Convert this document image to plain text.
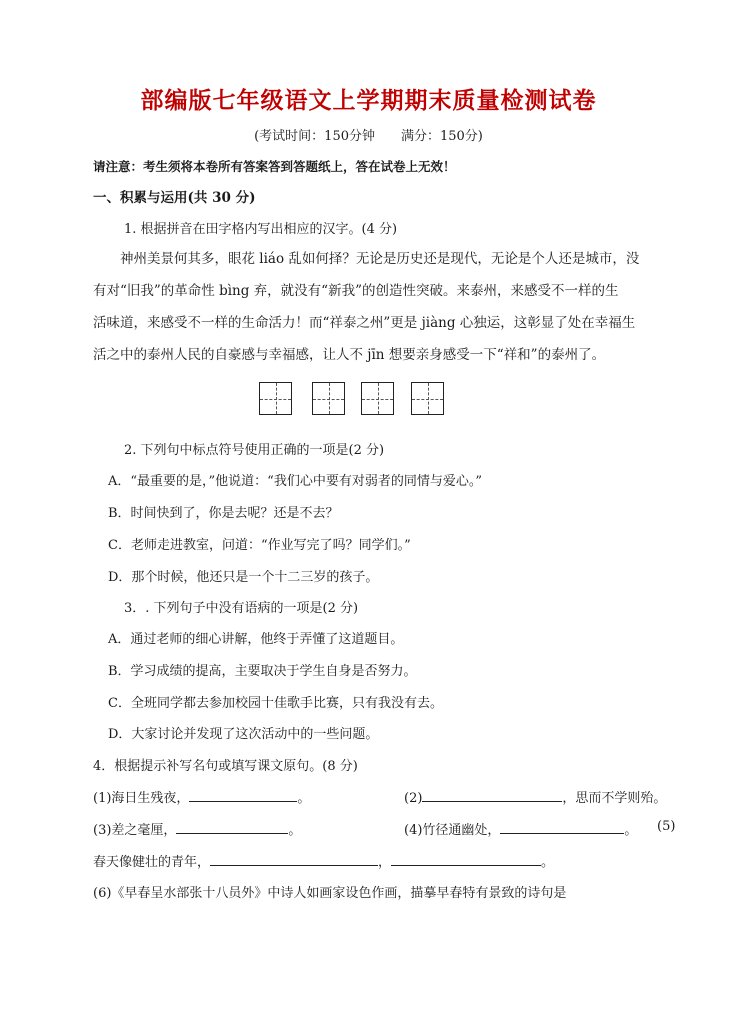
部编版七年级语文上学期期末质量检测试卷
(考试时间：150分钟　　满分：150分)
请注意：考生须将本卷所有答案答到答题纸上，答在试卷上无效！
一、积累与运用(共 30 分)
1. 根据拼音在田字格内写出相应的汉字。(4 分)
神州美景何其多，眼花 liáo 乱如何择？无论是历史还是现代，无论是个人还是城市，没
有对“旧我”的革命性 bìng 弃，就没有“新我”的创造性突破。来泰州，来感受不一样的生
活味道，来感受不一样的生命活力！而“祥泰之州”更是 jiàng 心独运，这彰显了处在幸福生
活之中的泰州人民的自豪感与幸福感，让人不 jīn 想要亲身感受一下“祥和”的泰州了。
2. 下列句中标点符号使用正确的一项是(2 分)
A．“最重要的是，”他说道：“我们心中要有对弱者的同情与爱心。”
B．时间快到了，你是去呢？还是不去？
C．老师走进教室，问道：“作业写完了吗？同学们。”
D．那个时候，他还只是一个十二三岁的孩子。
3．. 下列句子中没有语病的一项是(2 分)
A．通过老师的细心讲解，他终于弄懂了这道题目。
B．学习成绩的提高，主要取决于学生自身是否努力。
C．全班同学都去参加校园十佳歌手比赛，只有我没有去。
D．大家讨论并发现了这次活动中的一些问题。
4．根据提示补写名句或填写课文原句。(8 分)
(1)海日生残夜，	。	(2)	，思而不学则殆。
(3)差之毫厘，	。	(4)竹径通幽处，	。 (5)
春天像健壮的青年，	，	。
(6)《早春呈水部张十八员外》中诗人如画家设色作画，描摹早春特有景致的诗句是
